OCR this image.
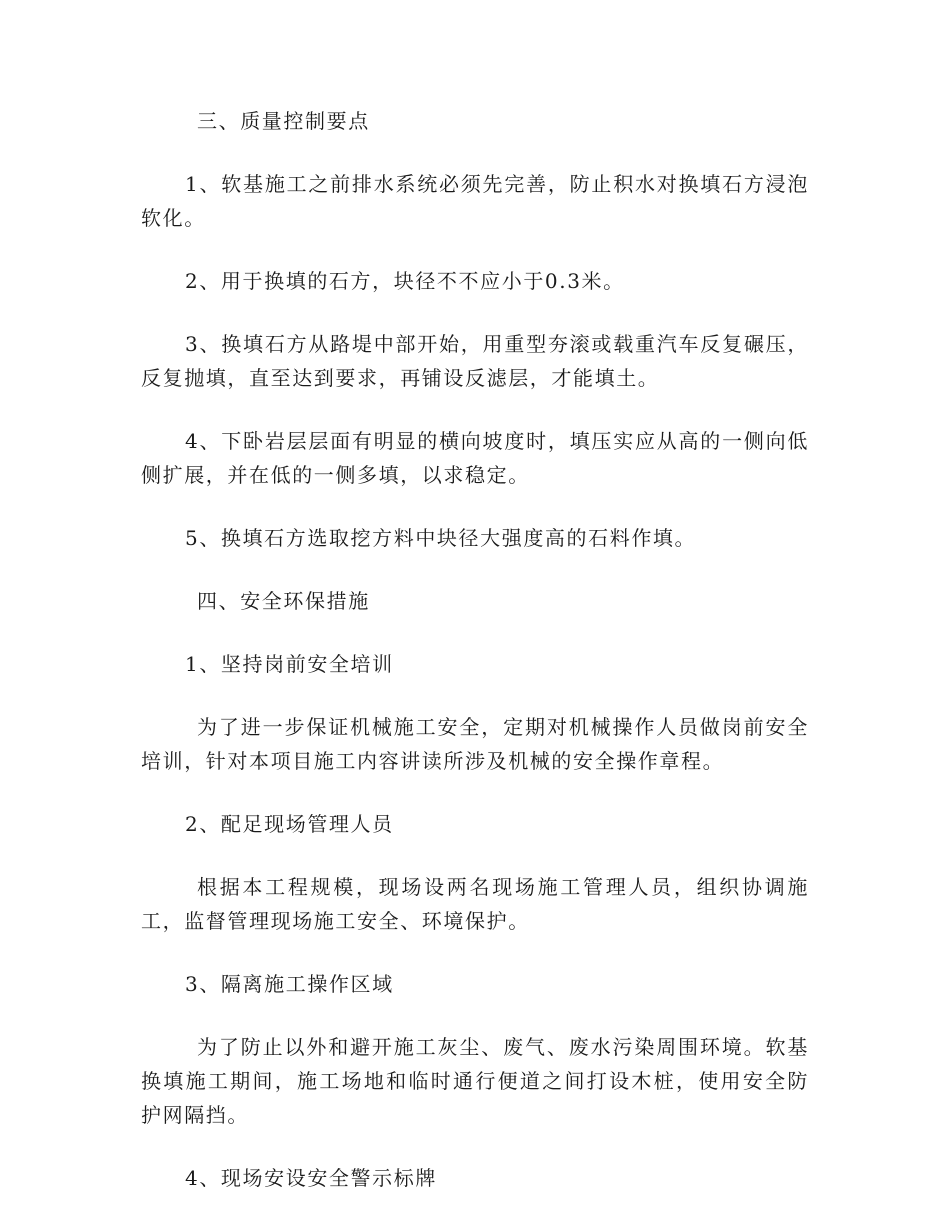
三、质量控制要点

1、软基施工之前排水系统必须先完善，防止积水对换填石方浸泡软化。

2、用于换填的石方，块径不不应小于0.3米。

3、换填石方从路堤中部开始，用重型夯滚或载重汽车反复碾压，反复抛填，直至达到要求，再铺设反滤层，才能填土。

4、下卧岩层层面有明显的横向坡度时，填压实应从高的一侧向低侧扩展，并在低的一侧多填，以求稳定。

5、换填石方选取挖方料中块径大强度高的石料作填。

四、安全环保措施

1、坚持岗前安全培训

为了进一步保证机械施工安全，定期对机械操作人员做岗前安全培训，针对本项目施工内容讲读所涉及机械的安全操作章程。

2、配足现场管理人员

根据本工程规模，现场设两名现场施工管理人员，组织协调施工，监督管理现场施工安全、环境保护。

3、隔离施工操作区域

为了防止以外和避开施工灰尘、废气、废水污染周围环境。软基换填施工期间，施工场地和临时通行便道之间打设木桩，使用安全防护网隔挡。

4、现场安设安全警示标牌
